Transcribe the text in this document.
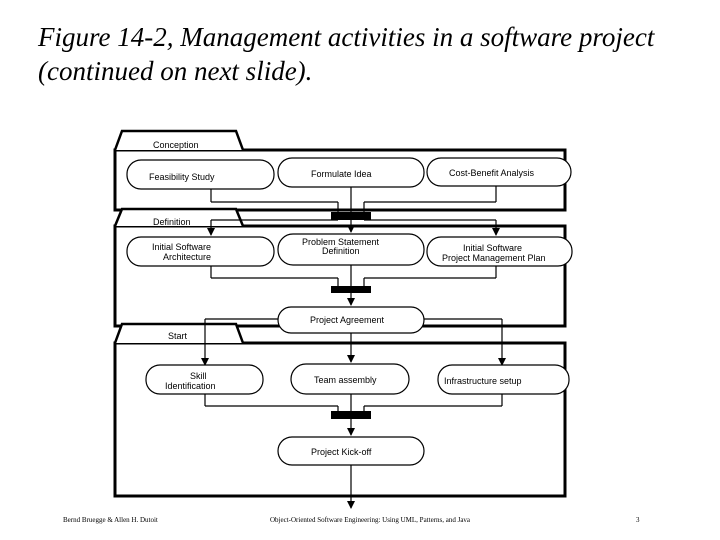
Figure 14-2, Management activities in a software project (continued on next slide).
Conception
Definition
Start
Feasibility Study	Formulate Idea	Cost-Benefit Analysis
Initial Software
Architecture
Problem Statement
Definition	Initial Software
Project Management Plan
Project Agreement
Skill
Identification
Team assembly	Infrastructure setup
Project Kick-off
Bernd Bruegge & Allen H. Dutoit	Object-Oriented Software Engineering: Using UML, Patterns, and Java	3
